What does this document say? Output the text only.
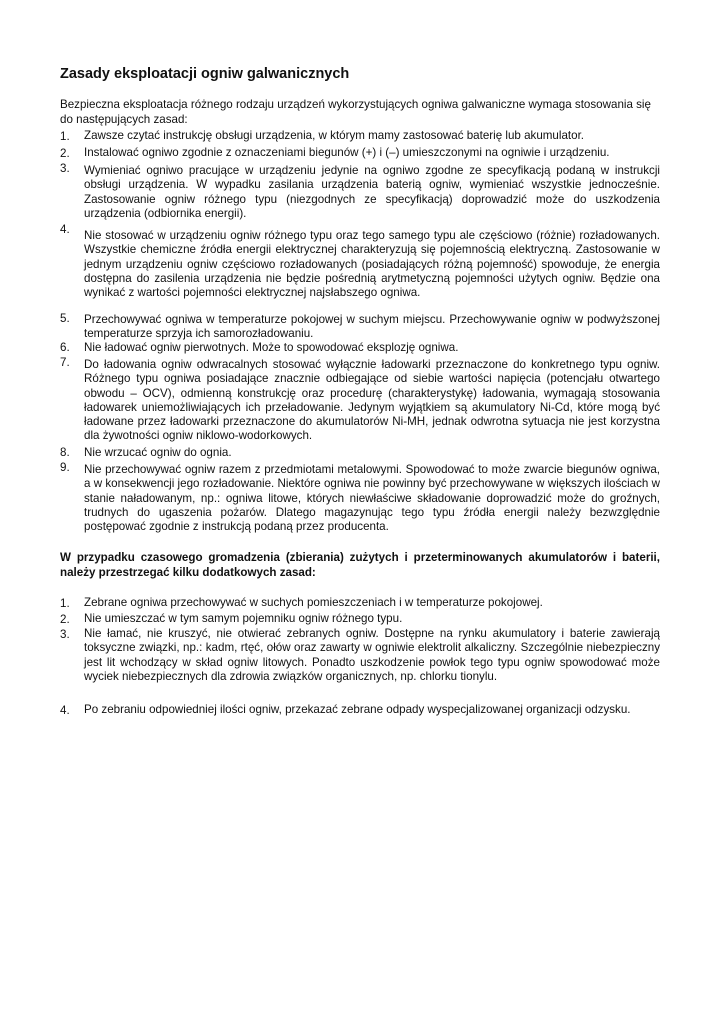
Zasady eksploatacji ogniw galwanicznych

Bezpieczna eksploatacja różnego rodzaju urządzeń wykorzystujących ogniwa galwaniczne wymaga stosowania się do następujących zasad:

1. Zawsze czytać instrukcję obsługi urządzenia, w którym mamy zastosować baterię lub akumulator.

2. Instalować ogniwo zgodnie z oznaczeniami biegunów (+) i (–) umieszczonymi na ogniwie i urządzeniu.

3. Wymieniać ogniwo pracujące w urządzeniu jedynie na ogniwo zgodne ze specyfikacją podaną w instrukcji obsługi urządzenia. W wypadku zasilania urządzenia baterią ogniw, wymieniać wszystkie jednocześnie. Zastosowanie ogniw różnego typu (niezgodnych ze specyfikacją) doprowadzić może do uszkodzenia urządzenia (odbiornika energii).

4. Nie stosować w urządzeniu ogniw różnego typu oraz tego samego typu ale częściowo (różnie) rozładowanych. Wszystkie chemiczne źródła energii elektrycznej charakteryzują się pojemnością elektryczną. Zastosowanie w jednym urządzeniu ogniw częściowo rozładowanych (posiadających różną pojemność) spowoduje, że energia dostępna do zasilenia urządzenia nie będzie pośrednią arytmetyczną pojemności użytych ogniw. Będzie ona wynikać z wartości pojemności elektrycznej najsłabszego ogniwa.

5. Przechowywać ogniwa w temperaturze pokojowej w suchym miejscu. Przechowywanie ogniw w podwyższonej temperaturze sprzyja ich samorozładowaniu.

6. Nie ładować ogniw pierwotnych. Może to spowodować eksplozję ogniwa.

7. Do ładowania ogniw odwracalnych stosować wyłącznie ładowarki przeznaczone do konkretnego typu ogniw. Różnego typu ogniwa posiadające znacznie odbiegające od siebie wartości napięcia (potencjału otwartego obwodu – OCV), odmienną konstrukcję oraz procedurę (charakterystykę) ładowania, wymagają stosowania ładowarek uniemożliwiających ich przeładowanie. Jedynym wyjątkiem są akumulatory Ni-Cd, które mogą być ładowane przez ładowarki przeznaczone do akumulatorów Ni-MH, jednak odwrotna sytuacja nie jest korzystna dla żywotności ogniw niklowo-wodorkowych.

8. Nie wrzucać ogniw do ognia.

9. Nie przechowywać ogniw razem z przedmiotami metalowymi. Spowodować to może zwarcie biegunów ogniwa, a w konsekwencji jego rozładowanie. Niektóre ogniwa nie powinny być przechowywane w większych ilościach w stanie naładowanym, np.: ogniwa litowe, których niewłaściwe składowanie doprowadzić może do groźnych, trudnych do ugaszenia pożarów. Dlatego magazynując tego typu źródła energii należy bezwzględnie postępować zgodnie z instrukcją podaną przez producenta.

W przypadku czasowego gromadzenia (zbierania) zużytych i przeterminowanych akumulatorów i baterii, należy przestrzegać kilku dodatkowych zasad:

1. Zebrane ogniwa przechowywać w suchych pomieszczeniach i w temperaturze pokojowej.

2. Nie umieszczać w tym samym pojemniku ogniw różnego typu.

3. Nie łamać, nie kruszyć, nie otwierać zebranych ogniw. Dostępne na rynku akumulatory i baterie zawierają toksyczne związki, np.: kadm, rtęć, ołów oraz zawarty w ogniwie elektrolit alkaliczny. Szczególnie niebezpieczny jest lit wchodzący w skład ogniw litowych. Ponadto uszkodzenie powłok tego typu ogniw spowodować może wyciek niebezpiecznych dla zdrowia związków organicznych, np. chlorku tionylu.

4. Po zebraniu odpowiedniej ilości ogniw, przekazać zebrane odpady wyspecjalizowanej organizacji odzysku.
